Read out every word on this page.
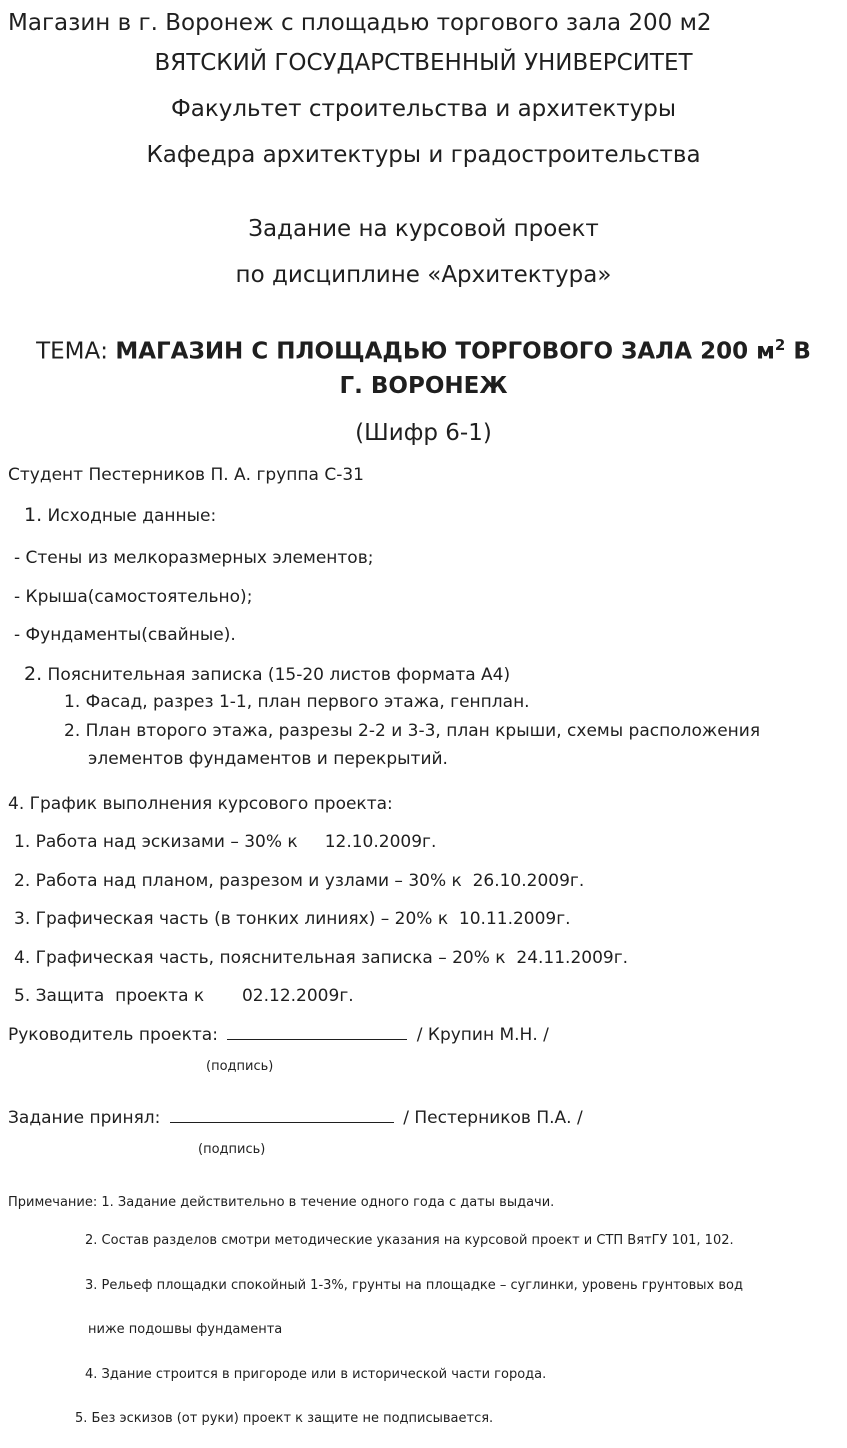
Магазин в г. Воронеж с площадью торгового зала 200 м2
ВЯТСКИЙ ГОСУДАРСТВЕННЫЙ УНИВЕРСИТЕТ
Факультет строительства и архитектуры
Кафедра архитектуры и градостроительства
Задание на курсовой проект
по дисциплине «Архитектура»
ТЕМА: МАГАЗИН С ПЛОЩАДЬЮ ТОРГОВОГО ЗАЛА 200 $м^2$ В
Г. ВОРОНЕЖ
(Шифр 6-1)
Студент Пестерников П. А. группа С-31
1. Исходные данные:
- Стены из мелкоразмерных элементов;
- Крыша(самостоятельно);
- Фундаменты(свайные).
2. Пояснительная записка (15-20 листов формата А4)
1. Фасад, разрез 1-1, план первого этажа, генплан.
2. План второго этажа, разрезы 2-2 и 3-3, план крыши, схемы расположения
элементов фундаментов и перекрытий.
4. График выполнения курсового проекта:
1. Работа над эскизами – 30% к     12.10.2009г.
2. Работа над планом, разрезом и узлами – 30% к  26.10.2009г.
3. Графическая часть (в тонких линиях) – 20% к  10.11.2009г.
4. Графическая часть, пояснительная записка – 20% к  24.11.2009г.
5. Защита  проекта к       02.12.2009г.
Руководитель проекта:	/ Крупин М.Н. /
(подпись)
Задание принял:	/ Пестерников П.А. /
(подпись)
Примечание: 1. Задание действительно в течение одного года с даты выдачи.
2. Состав разделов смотри методические указания на курсовой проект и СТП ВятГУ 101, 102.
3. Рельеф площадки спокойный 1-3%, грунты на площадке – суглинки, уровень грунтовых вод
ниже подошвы фундамента
4. Здание строится в пригороде или в исторической части города.
5. Без эскизов (от руки) проект к защите не подписывается.
